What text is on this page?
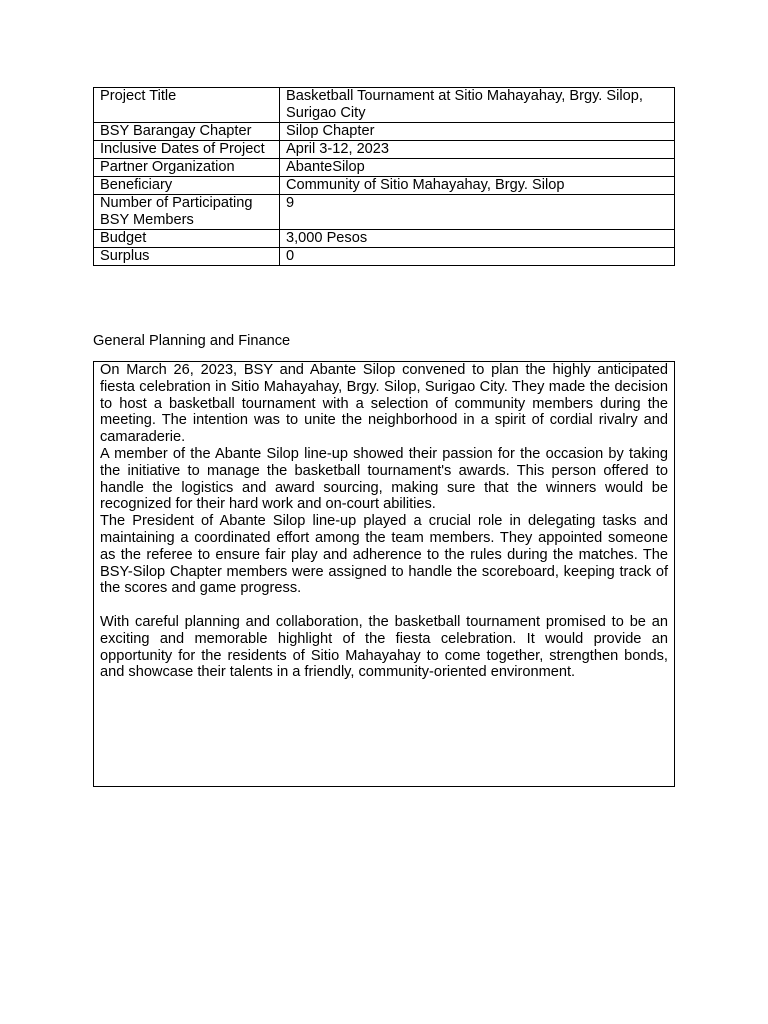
Project Title	Basketball Tournament at Sitio Mahayahay, Brgy. Silop, Surigao City
BSY Barangay Chapter	Silop Chapter
Inclusive Dates of Project	April 3-12, 2023
Partner Organization	AbanteSilop
Beneficiary	Community of Sitio Mahayahay, Brgy. Silop
Number of Participating BSY Members	9
Budget	3,000 Pesos
Surplus	0
General Planning and Finance

On March 26, 2023, BSY and Abante Silop convened to plan the highly anticipated fiesta celebration in Sitio Mahayahay, Brgy. Silop, Surigao City. They made the decision to host a basketball tournament with a selection of community members during the meeting. The intention was to unite the neighborhood in a spirit of cordial rivalry and camaraderie.

A member of the Abante Silop line-up showed their passion for the occasion by taking the initiative to manage the basketball tournament's awards. This person offered to handle the logistics and award sourcing, making sure that the winners would be recognized for their hard work and on-court abilities.

The President of Abante Silop line-up played a crucial role in delegating tasks and maintaining a coordinated effort among the team members. They appointed someone as the referee to ensure fair play and adherence to the rules during the matches. The BSY-Silop Chapter members were assigned to handle the scoreboard, keeping track of the scores and game progress.

With careful planning and collaboration, the basketball tournament promised to be an exciting and memorable highlight of the fiesta celebration. It would provide an opportunity for the residents of Sitio Mahayahay to come together, strengthen bonds, and showcase their talents in a friendly, community-oriented environment.
